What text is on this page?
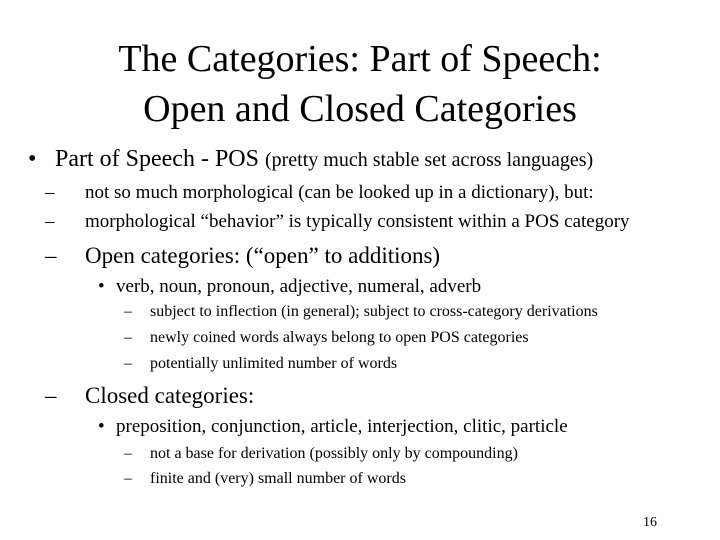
The Categories: Part of Speech:
Open and Closed Categories
• Part of Speech - POS (pretty much stable set across languages)
– not so much morphological (can be looked up in a dictionary), but:
– morphological “behavior” is typically consistent within a POS category
– Open categories: (“open” to additions)
• verb, noun, pronoun, adjective, numeral, adverb
– subject to inflection (in general); subject to cross-category derivations
– newly coined words always belong to open POS categories
– potentially unlimited number of words
– Closed categories:
• preposition, conjunction, article, interjection, clitic, particle
– not a base for derivation (possibly only by compounding)
– finite and (very) small number of words
16
